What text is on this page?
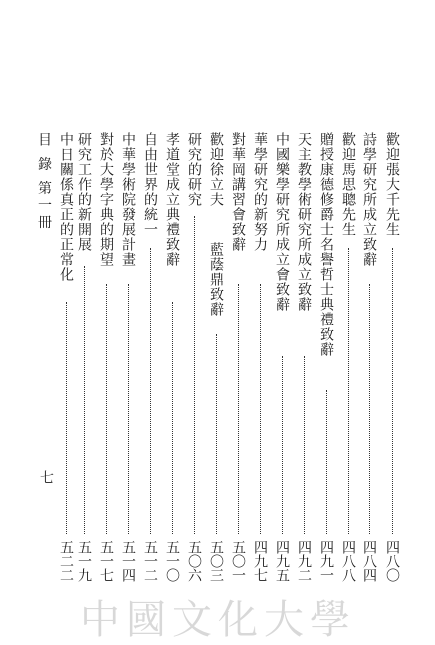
目 錄 第一冊
七
歡迎張大千先生
四八〇
詩學研究所成立致辭
四八四
歡迎馬思聰先生
四八八
贈授康德修爵士名譽哲士典禮致辭
四九一
天主教學術研究所成立致辭
四九二
中國樂學研究所成立會致辭
四九五
華學研究的新努力
四九七
對華岡講習會致辭
五〇一
歡迎徐立夫
藍蔭鼎致辭
五〇三
研究的研究
五〇六
孝道堂成立典禮致辭
五一〇
自由世界的統一
五一二
中華學術院發展計畫
五一四
對於大學字典的期望
五一七
研究工作的新開展
五一九
中日關係真正的正常化
五二二
中國文化大學
